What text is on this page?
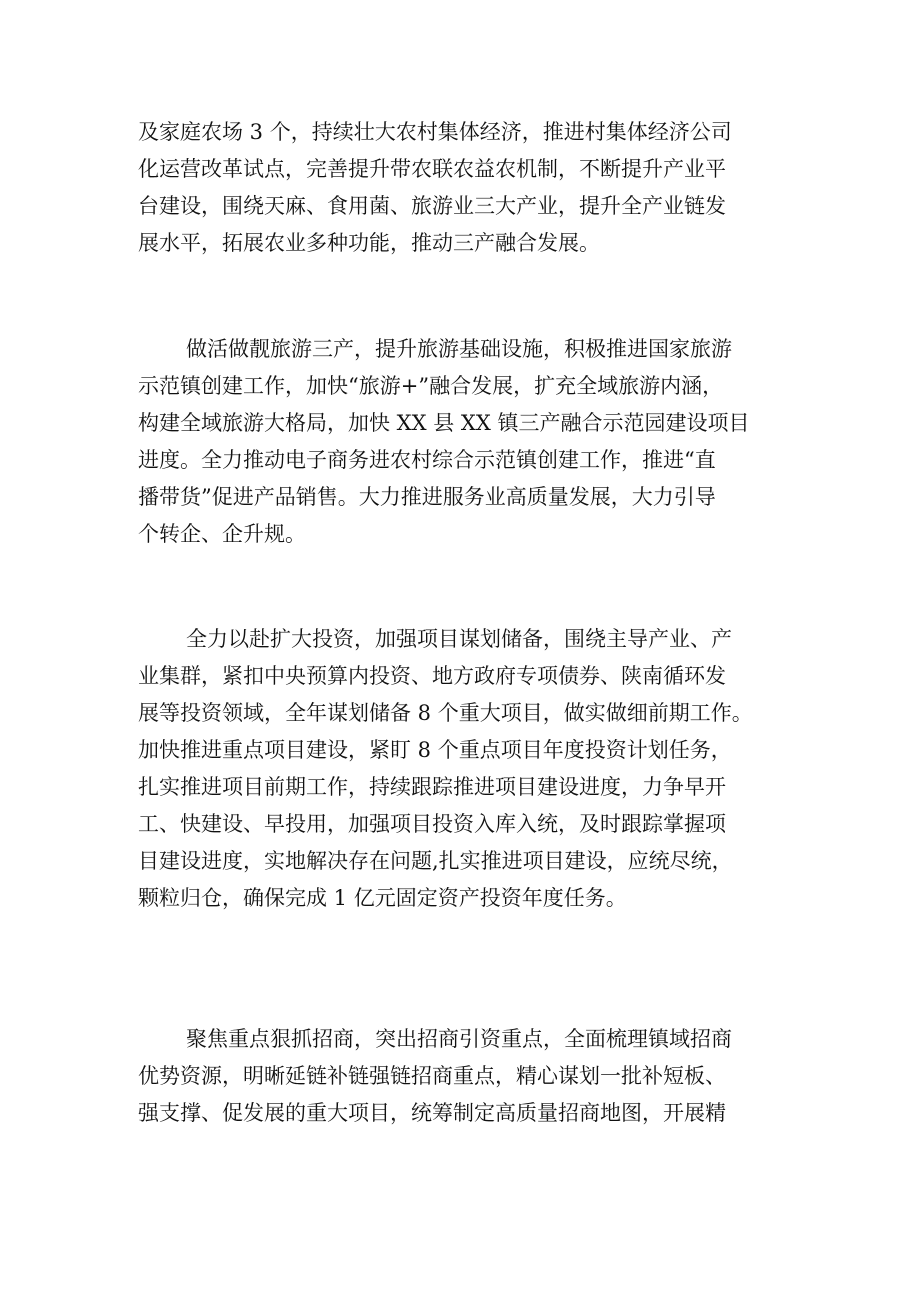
及家庭农场 3 个，持续壮大农村集体经济，推进村集体经济公司
化运营改革试点，完善提升带农联农益农机制，不断提升产业平
台建设，围绕天麻、食用菌、旅游业三大产业，提升全产业链发
展水平，拓展农业多种功能，推动三产融合发展。
做活做靓旅游三产，提升旅游基础设施，积极推进国家旅游
示范镇创建工作，加快“旅游+”融合发展，扩充全域旅游内涵，
构建全域旅游大格局，加快 XX 县 XX 镇三产融合示范园建设项目
进度。全力推动电子商务进农村综合示范镇创建工作，推进“直
播带货”促进产品销售。大力推进服务业高质量发展，大力引导
个转企、企升规。
全力以赴扩大投资，加强项目谋划储备，围绕主导产业、产
业集群，紧扣中央预算内投资、地方政府专项债券、陕南循环发
展等投资领域，全年谋划储备 8 个重大项目，做实做细前期工作。
加快推进重点项目建设，紧盯 8 个重点项目年度投资计划任务，
扎实推进项目前期工作，持续跟踪推进项目建设进度，力争早开
工、快建设、早投用，加强项目投资入库入统，及时跟踪掌握项
目建设进度，实地解决存在问题,扎实推进项目建设，应统尽统，
颗粒归仓，确保完成 1 亿元固定资产投资年度任务。
聚焦重点狠抓招商，突出招商引资重点，全面梳理镇域招商
优势资源，明晰延链补链强链招商重点，精心谋划一批补短板、
强支撑、促发展的重大项目，统筹制定高质量招商地图，开展精
